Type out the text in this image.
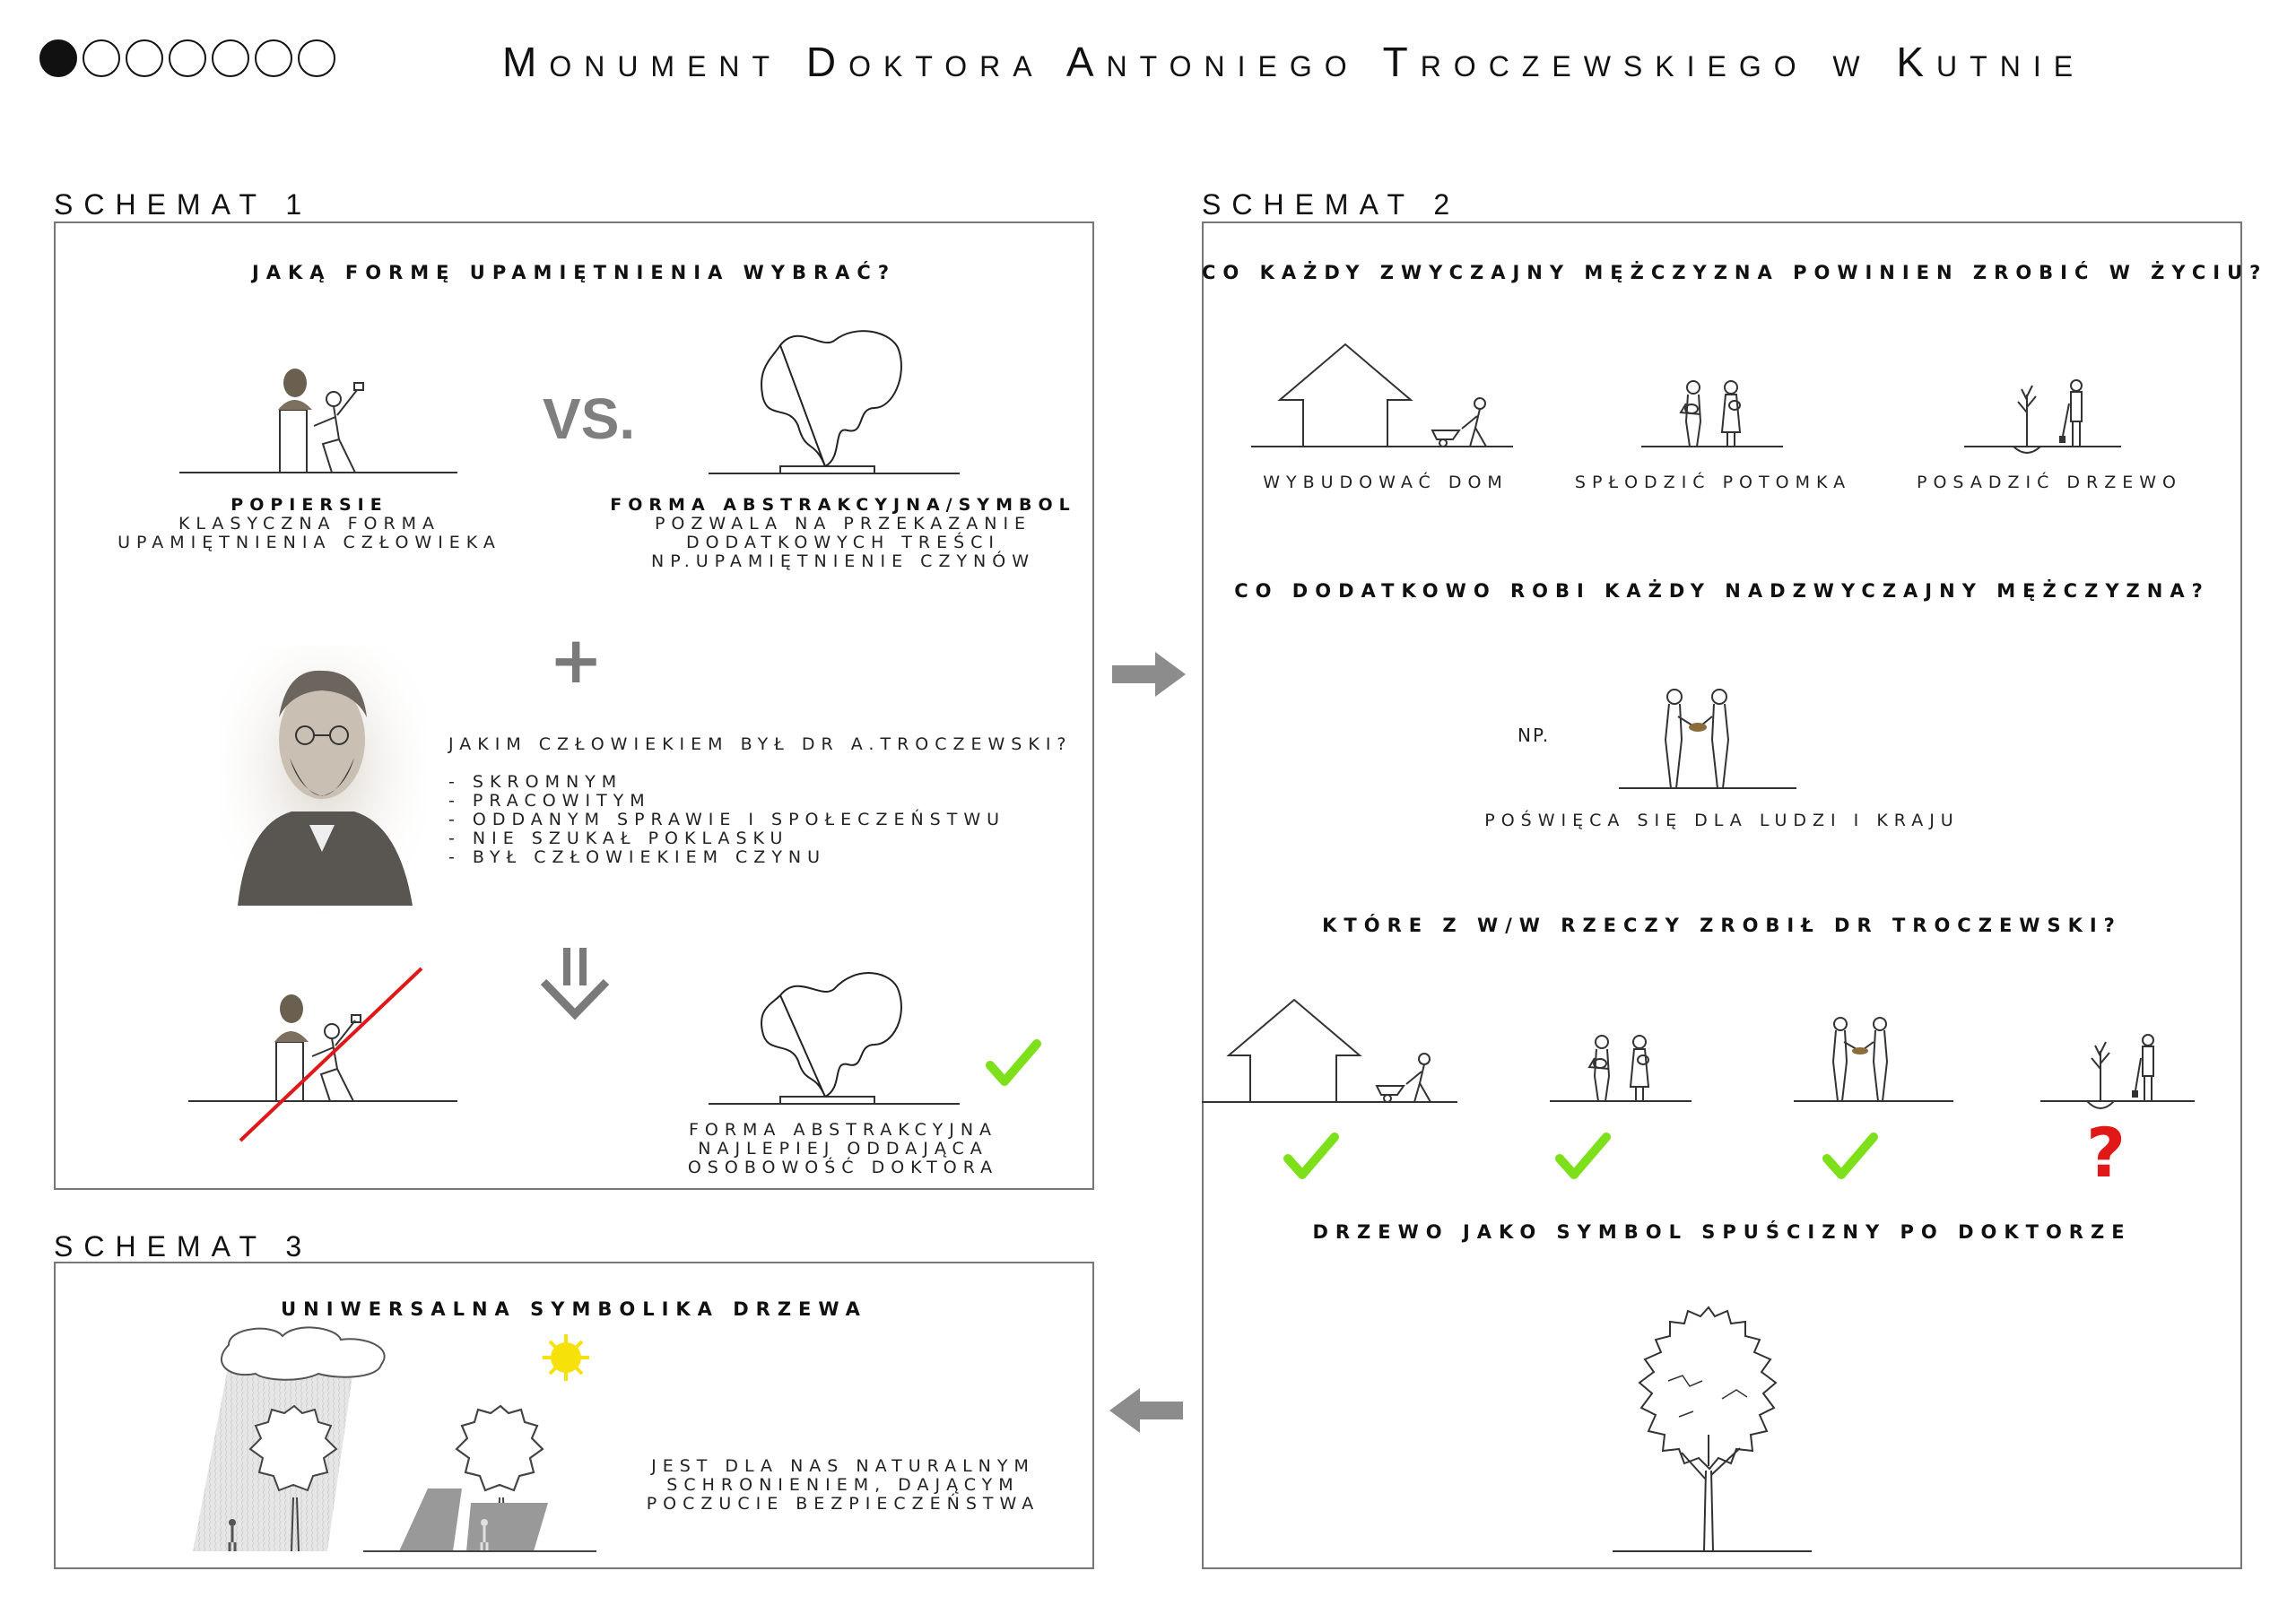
Monument Doktora Antoniego Troczewskiego w Kutnie
SCHEMAT 1
JAKĄ FORMĘ UPAMIĘTNIENIA WYBRAĆ?
VS.
POPIERSIE
KLASYCZNA FORMA
UPAMIĘTNIENIA CZŁOWIEKA
FORMA ABSTRAKCYJNA/SYMBOL
POZWALA NA PRZEKAZANIE
DODATKOWYCH TREŚCI
NP.UPAMIĘTNIENIE CZYNÓW
+
JAKIM CZŁOWIEKIEM BYŁ DR A.TROCZEWSKI?
- SKROMNYM
- PRACOWITYM
- ODDANYM SPRAWIE I SPOŁECZEŃSTWU
- NIE SZUKAŁ POKLASKU
- BYŁ CZŁOWIEKIEM CZYNU
FORMA ABSTRAKCYJNA
NAJLEPIEJ ODDAJĄCA
OSOBOWOŚĆ DOKTORA
SCHEMAT 2
CO KAŻDY ZWYCZAJNY MĘŻCZYZNA POWINIEN ZROBIĆ W ŻYCIU?
WYBUDOWAĆ DOM	SPŁODZIĆ POTOMKA	POSADZIĆ DRZEWO
CO DODATKOWO ROBI KAŻDY NADZWYCZAJNY MĘŻCZYZNA?
NP.
POŚWIĘCA SIĘ DLA LUDZI I KRAJU
KTÓRE Z W/W RZECZY ZROBIŁ DR TROCZEWSKI?
?
DRZEWO JAKO SYMBOL SPUŚCIZNY PO DOKTORZE
SCHEMAT 3
UNIWERSALNA SYMBOLIKA DRZEWA
JEST DLA NAS NATURALNYM
SCHRONIENIEM, DAJĄCYM
POCZUCIE BEZPIECZEŃSTWA
